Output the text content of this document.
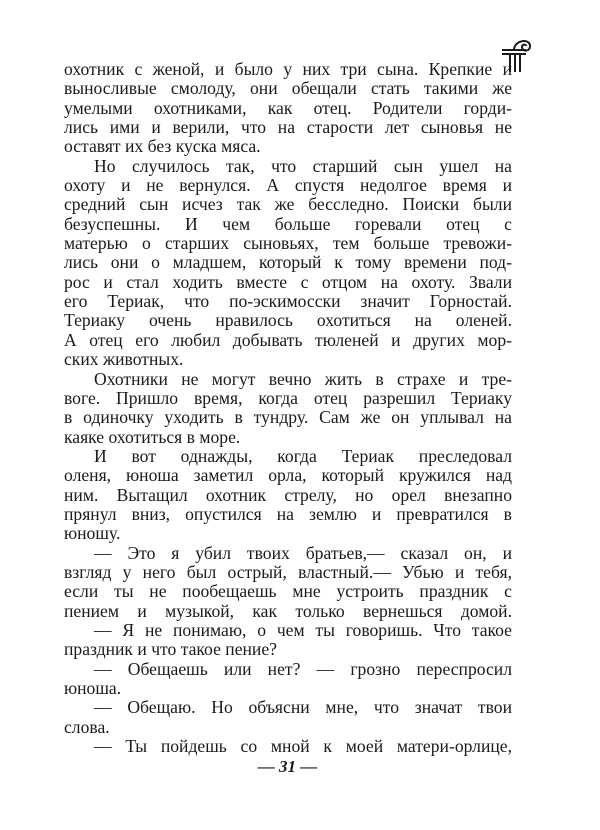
охотник с женой, и было у них три сына. Крепкие и
выносливые смолоду, они обещали стать такими же
умелыми охотниками, как отец. Родители горди-
лись ими и верили, что на старости лет сыновья не
оставят их без куска мяса.
Но случилось так, что старший сын ушел на
охоту и не вернулся. А спустя недолгое время и
средний сын исчез так же бесследно. Поиски были
безуспешны. И чем больше горевали отец с
матерью о старших сыновьях, тем больше тревожи-
лись они о младшем, который к тому времени под-
рос и стал ходить вместе с отцом на охоту. Звали
его Териак, что по-эскимосски значит Горностай.
Териаку очень нравилось охотиться на оленей.
А отец его любил добывать тюленей и других мор-
ских животных.
Охотники не могут вечно жить в страхе и тре-
воге. Пришло время, когда отец разрешил Териаку
в одиночку уходить в тундру. Сам же он уплывал на
каяке охотиться в море.
И вот однажды, когда Териак преследовал
оленя, юноша заметил орла, который кружился над
ним. Вытащил охотник стрелу, но орел внезапно
прянул вниз, опустился на землю и превратился в
юношу.
— Это я убил твоих братьев,— сказал он, и
взгляд у него был острый, властный.— Убью и тебя,
если ты не пообещаешь мне устроить праздник с
пением и музыкой, как только вернешься домой.
— Я не понимаю, о чем ты говоришь. Что такое
праздник и что такое пение?
— Обещаешь или нет? — грозно переспросил
юноша.
— Обещаю. Но объясни мне, что значат твои
слова.
— Ты пойдешь со мной к моей матери-орлице,
— 31 —
